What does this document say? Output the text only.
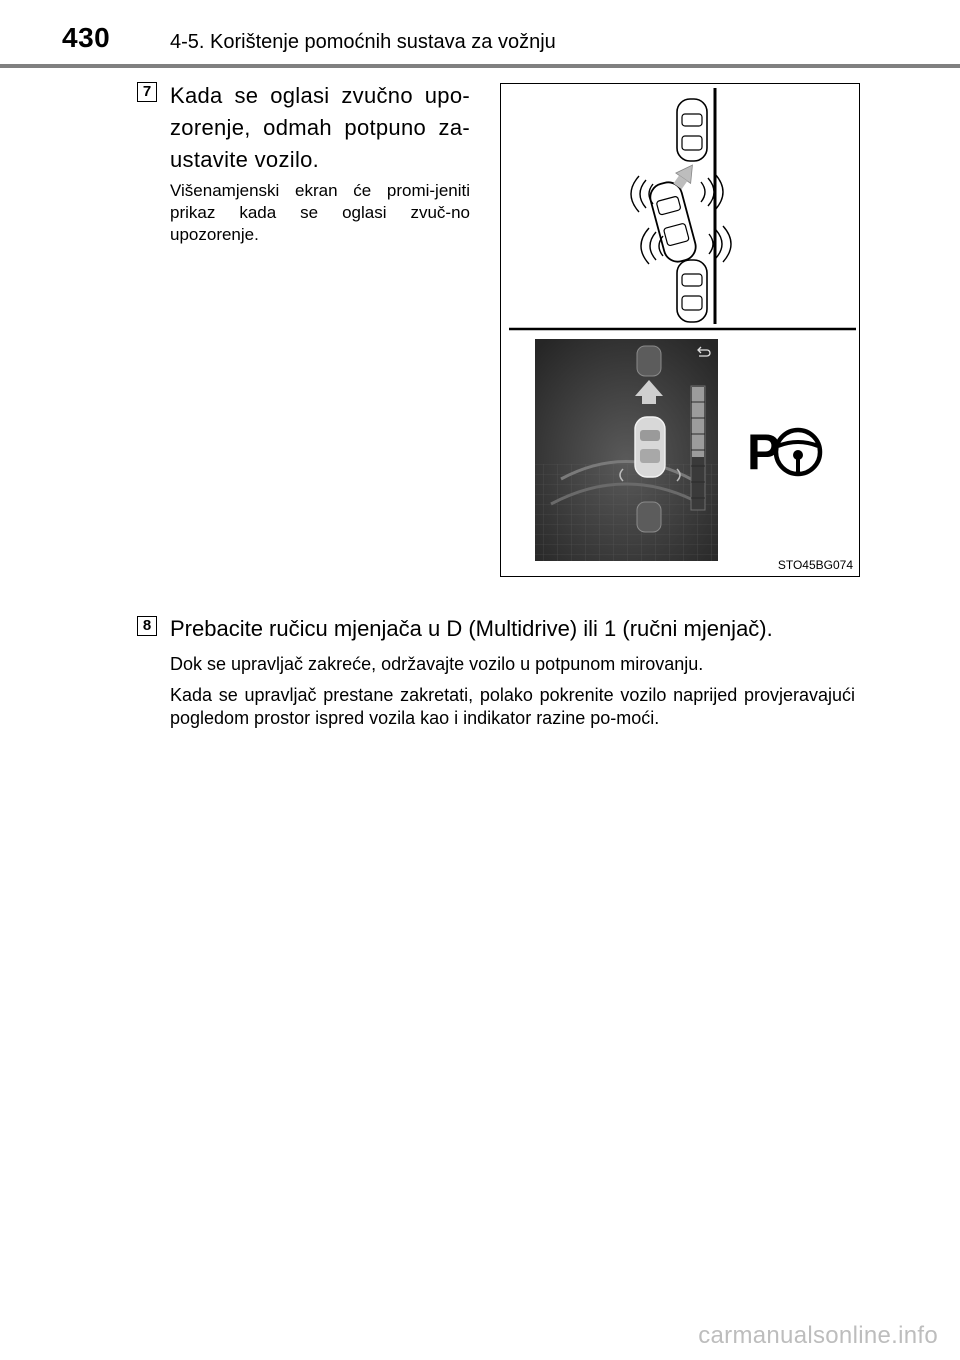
430	4-5. Korištenje pomoćnih sustava za vožnju
7 Kada se oglasi zvučno upo-zorenje, odmah potpuno za-ustavite vozilo.
Višenamjenski ekran će promi-jeniti prikaz kada se oglasi zvuč-no upozorenje.
P
STO45BG074
8 Prebacite ručicu mjenjača u D (Multidrive) ili 1 (ručni mjenjač).
Dok se upravljač zakreće, održavajte vozilo u potpunom mirovanju.
Kada se upravljač prestane zakretati, polako pokrenite vozilo naprijed provjeravajući pogledom prostor ispred vozila kao i indikator razine po-moći.
carmanualsonline.info
